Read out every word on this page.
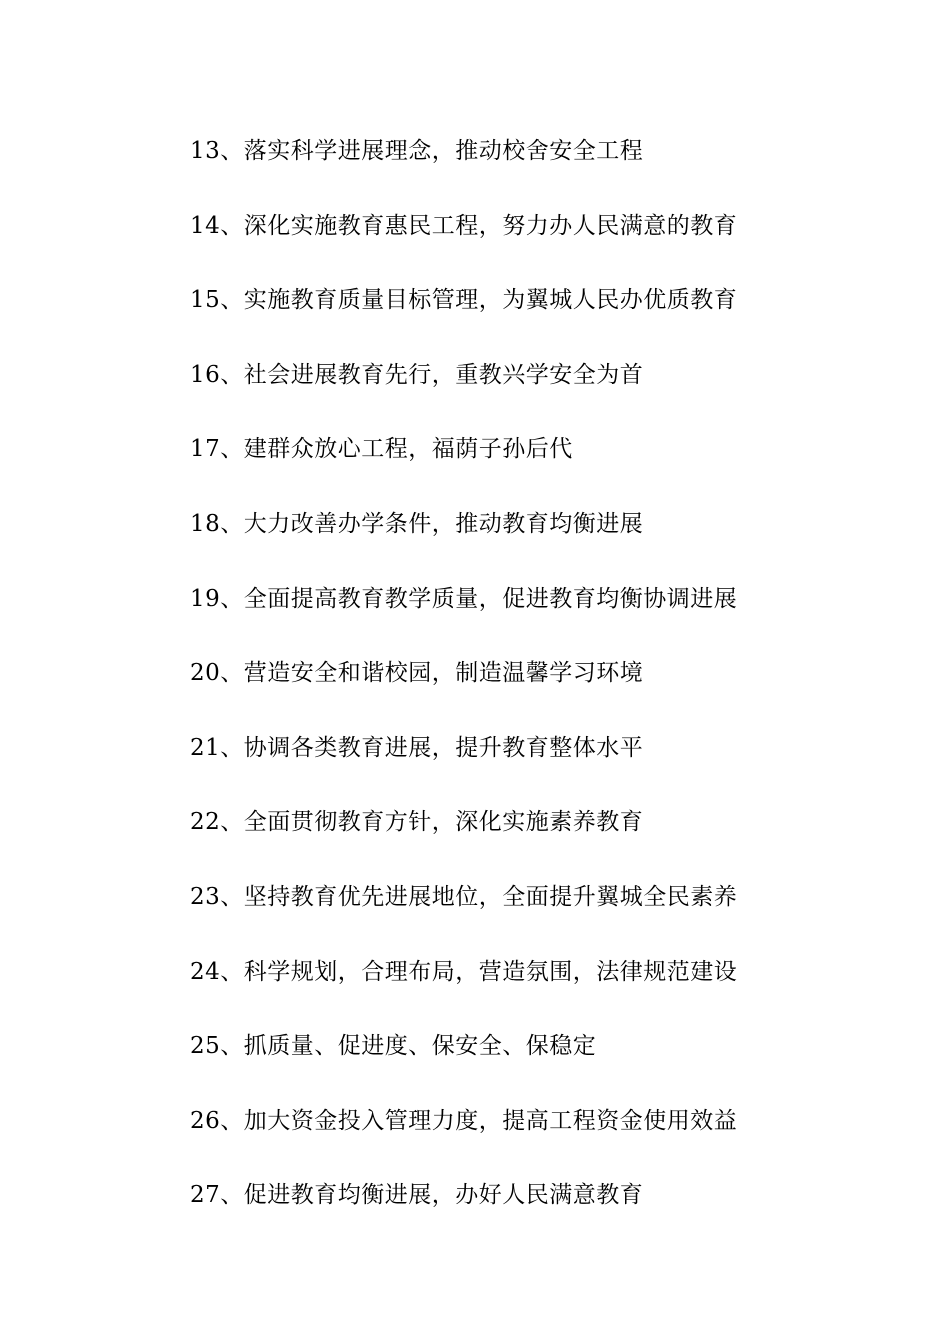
13、落实科学进展理念，推动校舍安全工程
14、深化实施教育惠民工程，努力办人民满意的教育
15、实施教育质量目标管理，为翼城人民办优质教育
16、社会进展教育先行，重教兴学安全为首
17、建群众放心工程，福荫子孙后代
18、大力改善办学条件，推动教育均衡进展
19、全面提高教育教学质量，促进教育均衡协调进展
20、营造安全和谐校园，制造温馨学习环境
21、协调各类教育进展，提升教育整体水平
22、全面贯彻教育方针，深化实施素养教育
23、坚持教育优先进展地位，全面提升翼城全民素养
24、科学规划，合理布局，营造氛围，法律规范建设
25、抓质量、促进度、保安全、保稳定
26、加大资金投入管理力度，提高工程资金使用效益
27、促进教育均衡进展，办好人民满意教育
